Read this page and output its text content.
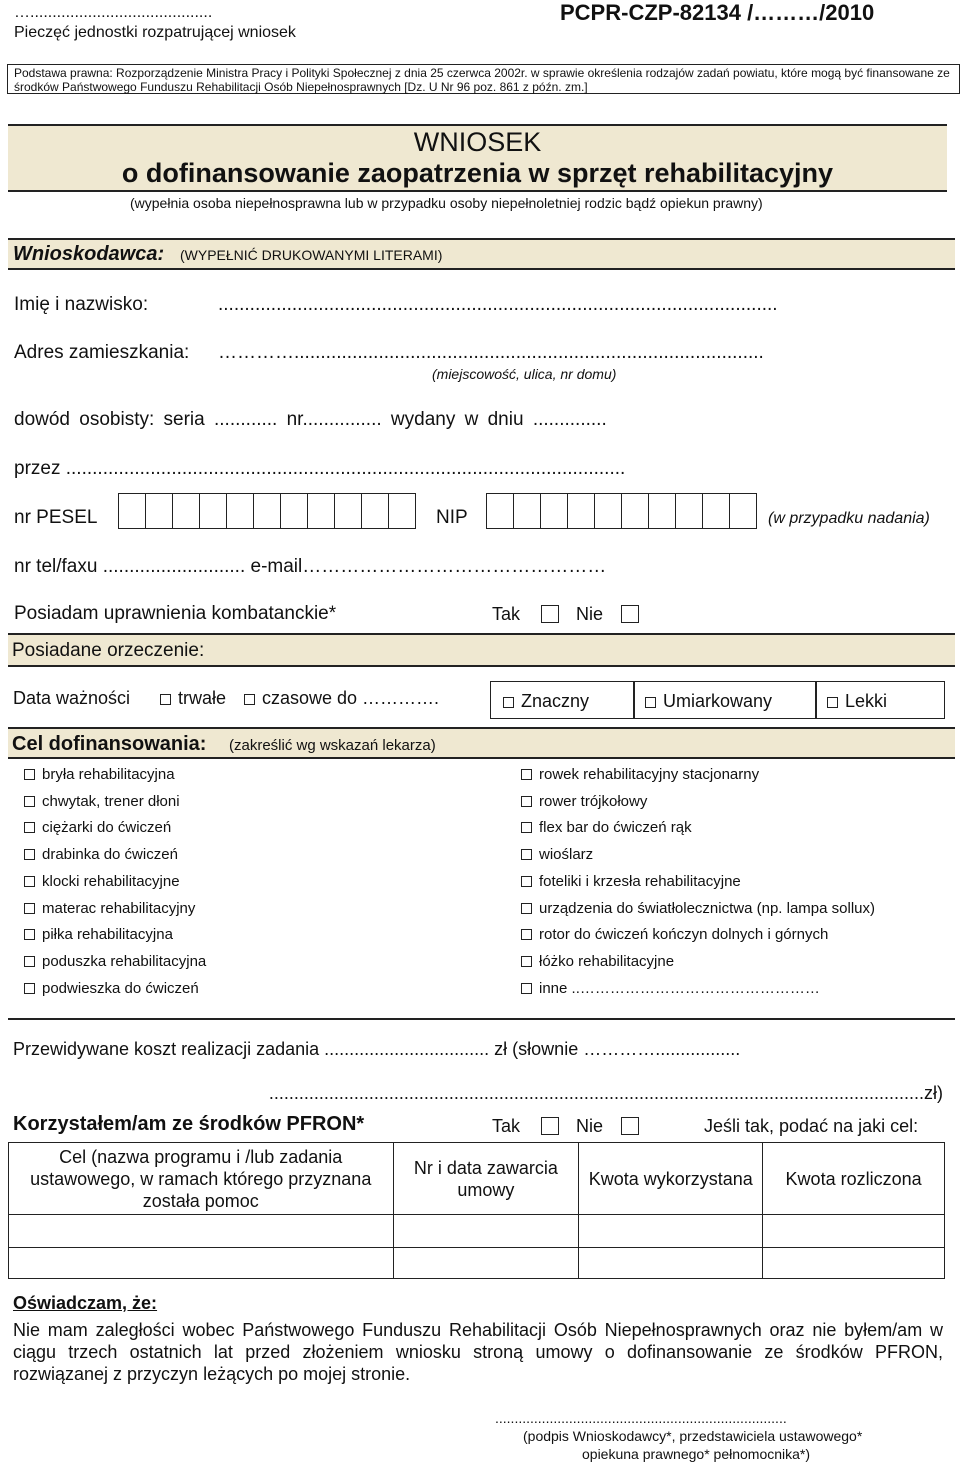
….........................................
Pieczęć jednostki rozpatrującej wniosek
PCPR-CZP-82134 /………/2010
Podstawa prawna: Rozporządzenie Ministra Pracy i Polityki Społecznej z dnia 25 czerwca 2002r. w sprawie określenia rodzajów zadań powiatu, które mogą być finansowane ze środków Państwowego Funduszu Rehabilitacji Osób Niepełnosprawnych [Dz. U Nr 96 poz. 861 z późn. zm.]
WNIOSEK
o dofinansowanie zaopatrzenia w sprzęt rehabilitacyjny
(wypełnia osoba niepełnosprawna lub w przypadku osoby niepełnoletniej rodzic bądź opiekun prawny)
Wnioskodawca: (WYPEŁNIĆ DRUKOWANYMI LITERAMI)
Imię i nazwisko:	..........................................................................................................
Adres zamieszkania: ………….........................................................................................
(miejscowość, ulica, nr domu)
dowód osobisty: seria ............ nr............... wydany w dniu ..............
przez ..........................................................................................................
nr PESEL	NIP	(w przypadku nadania)
nr tel/faxu ........................... e-mail…………………………………………
Posiadam uprawnienia kombatanckie*	Tak	Nie
Posiadane orzeczenie:
Data ważności	trwałe	czasowe do ………….	Znaczny	Umiarkowany	Lekki
Cel dofinansowania: (zakreślić wg wskazań lekarza)
bryła rehabilitacyjna
chwytak, trener dłoni
ciężarki do ćwiczeń
drabinka do ćwiczeń
klocki rehabilitacyjne
materac rehabilitacyjny
piłka rehabilitacyjna
poduszka rehabilitacyjna
podwieszka do ćwiczeń
rowek rehabilitacyjny stacjonarny
rower trójkołowy
flex bar do ćwiczeń rąk
wioślarz
foteliki i krzesła rehabilitacyjne
urządzenia do światłolecznictwa (np. lampa sollux)
rotor do ćwiczeń kończyn dolnych i górnych
łóżko rehabilitacyjne
inne ..…………………………………………
Przewidywane koszt realizacji zadania ................................. zł (słownie ………….................
...................................................................................................................................zł)
Korzystałem/am ze środków PFRON*	Tak	Nie	Jeśli tak, podać na jaki cel:
Cel (nazwa programu i /lub zadania ustawowego, w ramach którego przyznana została pomoc	Nr i data zawarcia umowy	Kwota wykorzystana	Kwota rozliczona

Oświadczam, że:
Nie mam zaległości wobec Państwowego Funduszu Rehabilitacji Osób Niepełnosprawnych oraz nie byłem/am w ciągu trzech ostatnich lat przed złożeniem wniosku stroną umowy o dofinansowanie ze środków PFRON, rozwiązanej z przyczyn leżących po mojej stronie.
...........................................................................
(podpis Wnioskodawcy*, przedstawiciela ustawowego*
opiekuna prawnego* pełnomocnika*)
